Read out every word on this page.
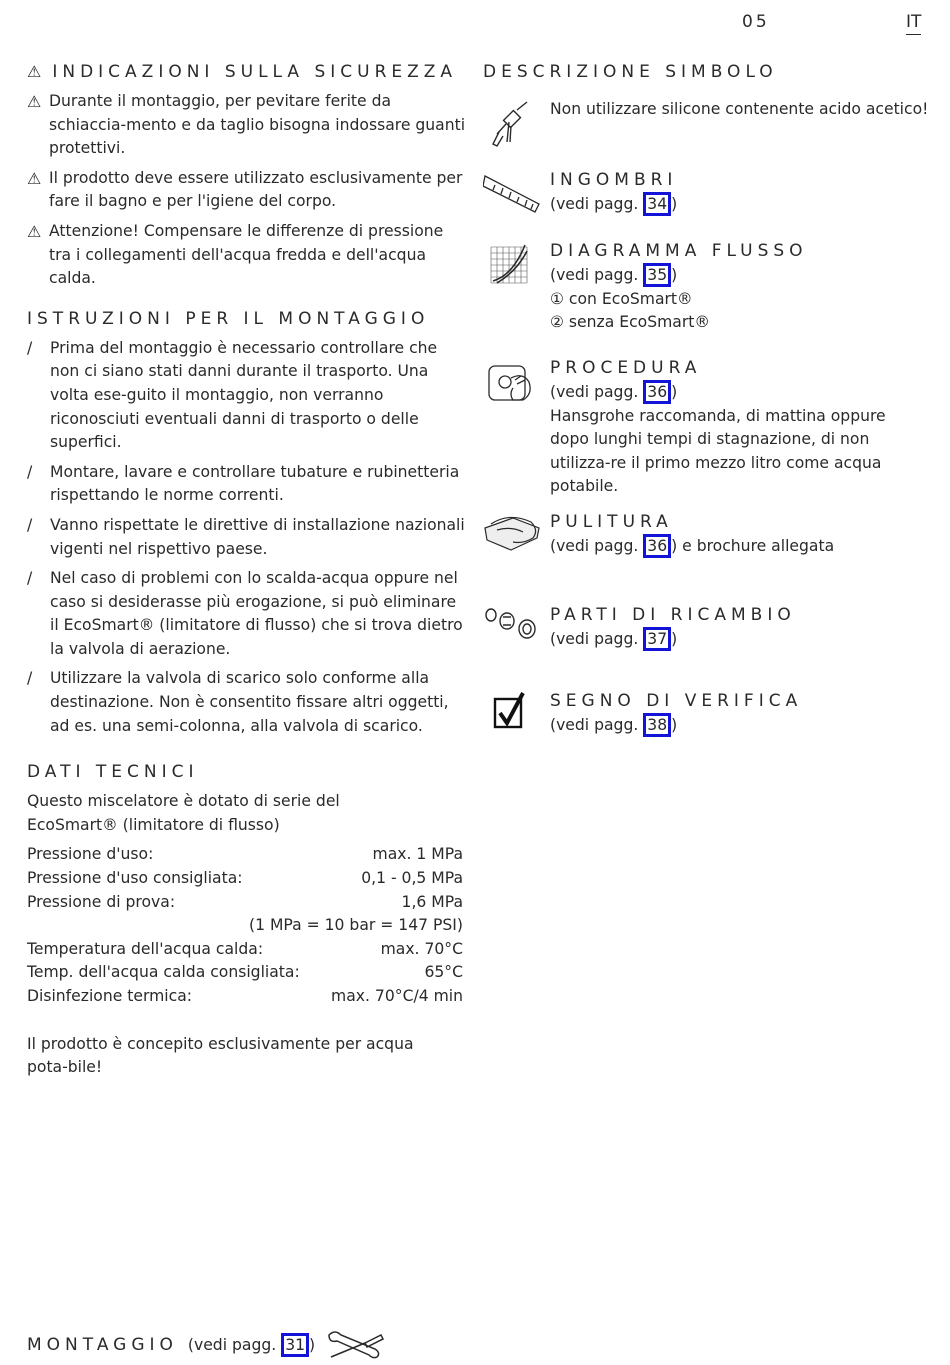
05	IT
⚠ INDICAZIONI SULLA SICUREZZA
⚠ Durante il montaggio, per pevitare ferite da schiaccia-mento e da taglio bisogna indossare guanti protettivi.
⚠ Il prodotto deve essere utilizzato esclusivamente per fare il bagno e per l'igiene del corpo.
⚠ Attenzione! Compensare le differenze di pressione tra i collegamenti dell'acqua fredda e dell'acqua calda.
ISTRUZIONI PER IL MONTAGGIO
/	Prima del montaggio è necessario controllare che non ci siano stati danni durante il trasporto. Una volta ese-guito il montaggio, non verranno riconosciuti eventuali danni di trasporto o delle superfici.
/	Montare, lavare e controllare tubature e rubinetteria rispettando le norme correnti.
/	Vanno rispettate le direttive di installazione nazionali vigenti nel rispettivo paese.
/	Nel caso di problemi con lo scalda-acqua oppure nel caso si desiderasse più erogazione, si può eliminare il EcoSmart® (limitatore di flusso) che si trova dietro la valvola di aerazione.
/	Utilizzare la valvola di scarico solo conforme alla destinazione. Non è consentito fissare altri oggetti, ad es. una semi-colonna, alla valvola di scarico.
DATI TECNICI
Questo miscelatore è dotato di serie del EcoSmart® (limitatore di flusso)
Pressione d'uso:	max. 1 MPa
Pressione d'uso consigliata:	0,1 - 0,5 MPa
Pressione di prova:	1,6 MPa
(1 MPa = 10 bar = 147 PSI)
Temperatura dell'acqua calda:	max. 70°C
Temp. dell'acqua calda consigliata:	65°C
Disinfezione termica:	max. 70°C/4 min
Il prodotto è concepito esclusivamente per acqua pota-bile!
DESCRIZIONE SIMBOLO
Non utilizzare silicone contenente acido acetico!
INGOMBRI
(vedi pagg. 34 )
DIAGRAMMA FLUSSO
(vedi pagg. 35 )
① con EcoSmart®
② senza EcoSmart®
PROCEDURA
(vedi pagg. 36 )
Hansgrohe raccomanda, di mattina oppure dopo lunghi tempi di stagnazione, di non utilizza-re il primo mezzo litro come acqua potabile.
PULITURA
(vedi pagg. 36 ) e brochure allegata
PARTI DI RICAMBIO
(vedi pagg. 37 )
SEGNO DI VERIFICA
(vedi pagg. 38 )
MONTAGGIO (vedi pagg. 31 )
